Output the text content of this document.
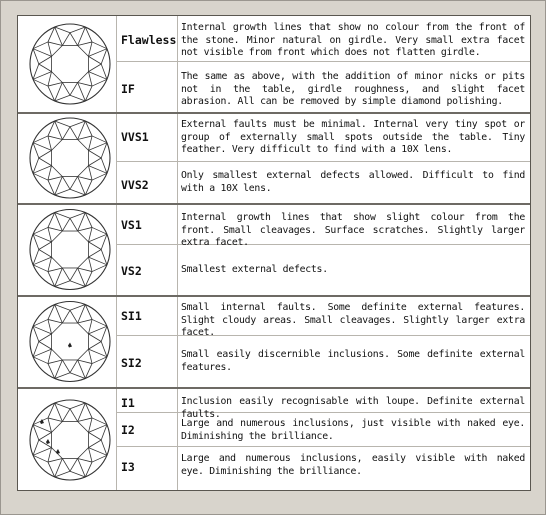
Flawless
IF
VVS1
VVS2
VS1
VS2
SI1
SI2
I1
I2
I3
Internal growth lines that show no colour from the front of the stone. Minor natural on girdle. Very small extra facet not visible from front which does not flatten girdle.
The same as above, with the addition of minor nicks or pits not in the table, girdle roughness, and slight facet abrasion. All can be removed by simple diamond polishing.
External faults must be minimal. Internal very tiny spot or group of externally small spots outside the table. Tiny feather. Very difficult to find with a 10X lens.
Only smallest external defects allowed. Difficult to find with a 10X lens.
Internal growth lines that show slight colour from the front. Small cleavages. Surface scratches. Slightly larger extra facet.
Smallest external defects.
Small internal faults. Some definite external features. Slight cloudy areas. Small cleavages. Slightly larger extra facet.
Small easily discernible inclusions. Some definite external features.
Inclusion easily recognisable with loupe. Definite external faults.
Large and numerous inclusions, just visible with naked eye. Diminishing the brilliance.
Large and numerous inclusions, easily visible with naked eye. Diminishing the brilliance.
